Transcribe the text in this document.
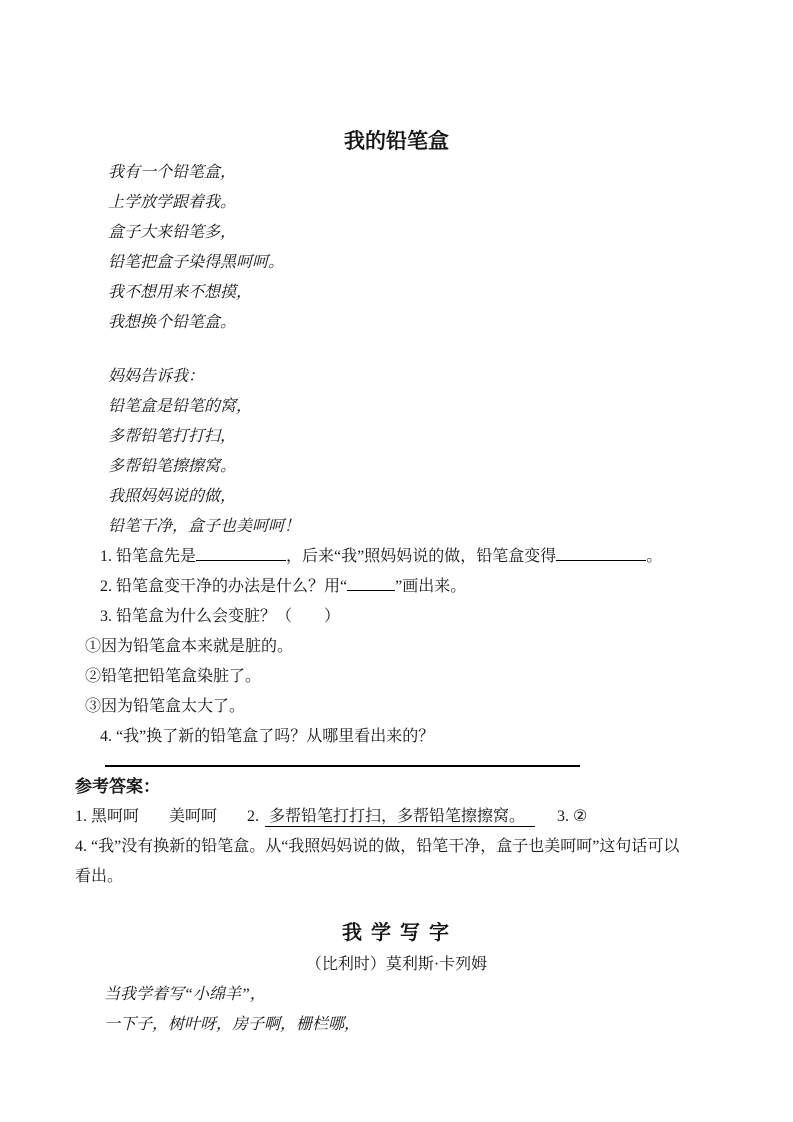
我的铅笔盒
我有一个铅笔盒，
上学放学跟着我。
盒子大来铅笔多，
铅笔把盒子染得黑呵呵。
我不想用来不想摸，
我想换个铅笔盒。
妈妈告诉我：
铅笔盒是铅笔的窝，
多帮铅笔打打扫，
多帮铅笔擦擦窝。
我照妈妈说的做，
铅笔干净，盒子也美呵呵！
1. 铅笔盒先是	，后来“我”照妈妈说的做，铅笔盒变得	。
2. 铅笔盒变干净的办法是什么？用“	”画出来。
3. 铅笔盒为什么会变脏？（　　）
①因为铅笔盒本来就是脏的。
②铅笔把铅笔盒染脏了。
③因为铅笔盒太大了。
4. “我”换了新的铅笔盒了吗？从哪里看出来的？
参考答案：
1. 黑呵呵 美呵呵 2. 多帮铅笔打打扫，多帮铅笔擦擦窝。 3. ②
4. “我”没有换新的铅笔盒。从“我照妈妈说的做，铅笔干净，盒子也美呵呵”这句话可以
看出。
我 学 写 字
（比利时）莫利斯·卡列姆
当我学着写“小绵羊”，
一下子，树叶呀，房子啊，栅栏哪，
